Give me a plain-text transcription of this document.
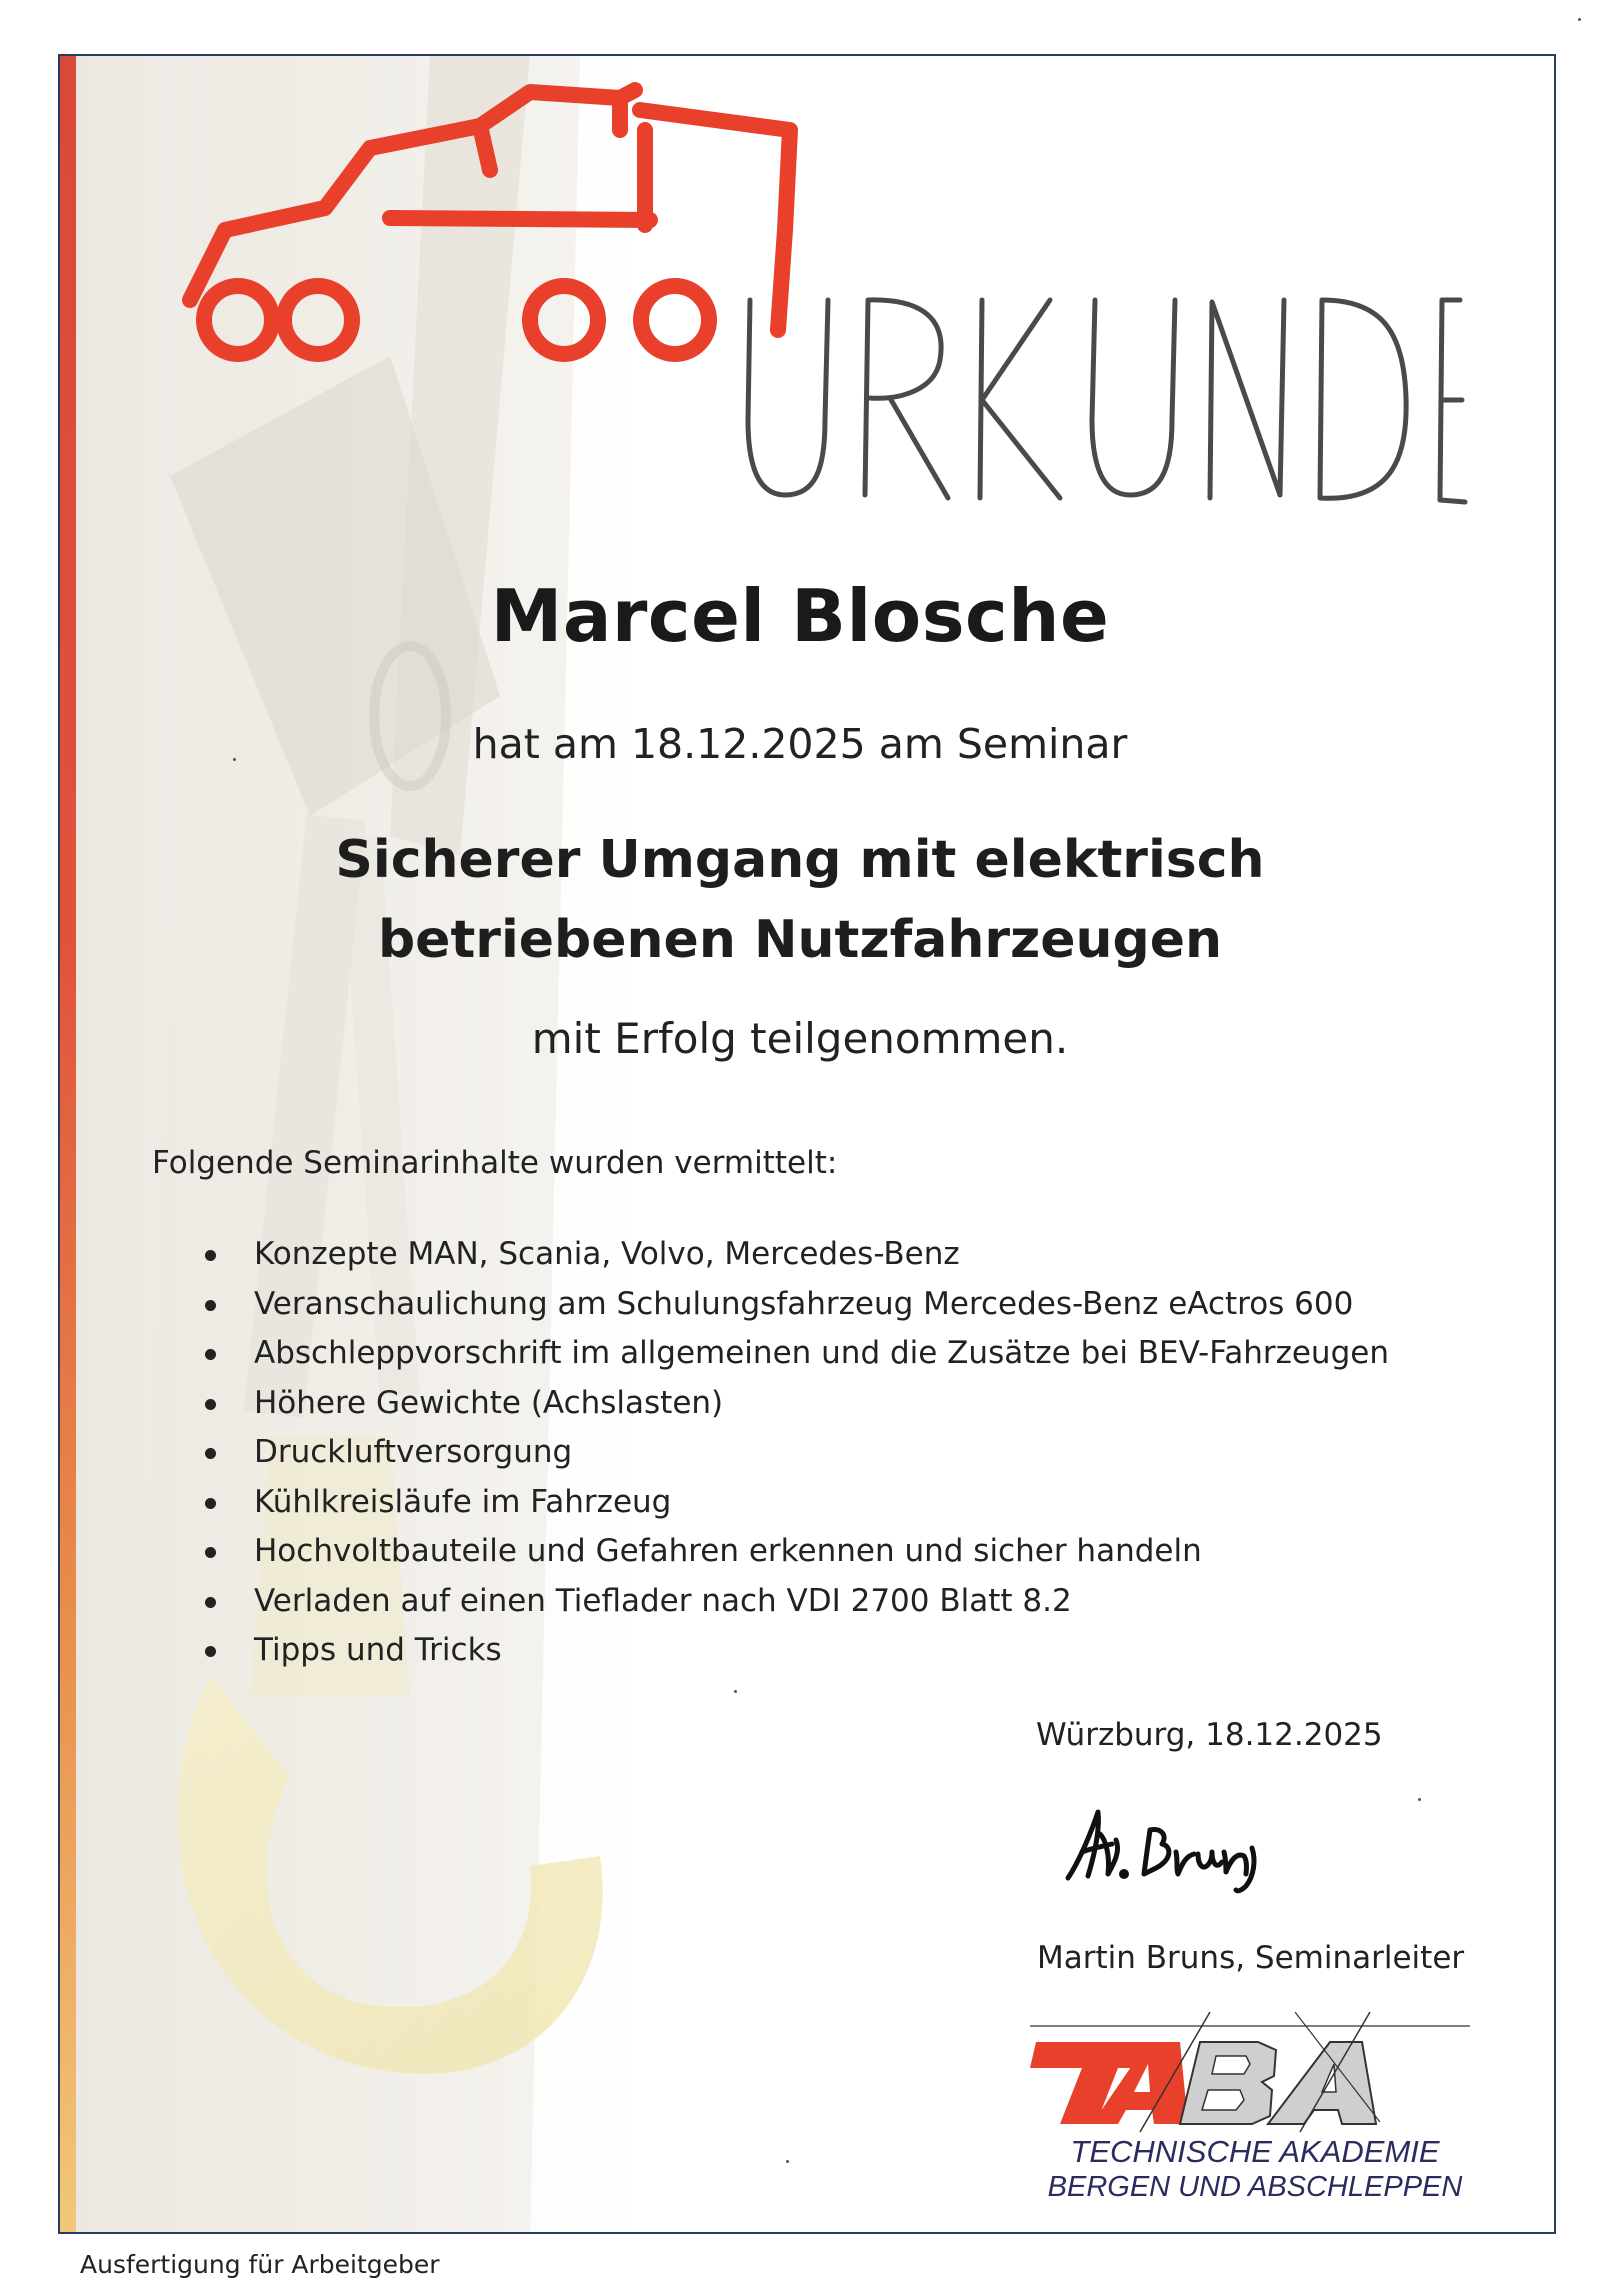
Marcel Blosche
hat am 18.12.2025 am Seminar
Sicherer Umgang mit elektrisch
betriebenen Nutzfahrzeugen
mit Erfolg teilgenommen.
Folgende Seminarinhalte wurden vermittelt:
Konzepte MAN, Scania, Volvo, Mercedes-Benz
Veranschaulichung am Schulungsfahrzeug Mercedes-Benz eActros 600
Abschleppvorschrift im allgemeinen und die Zusätze bei BEV-Fahrzeugen
Höhere Gewichte (Achslasten)
Druckluftversorgung
Kühlkreisläufe im Fahrzeug
Hochvoltbauteile und Gefahren erkennen und sicher handeln
Verladen auf einen Tieflader nach VDI 2700 Blatt 8.2
Tipps und Tricks
Würzburg, 18.12.2025
Martin Bruns, Seminarleiter
TECHNISCHE AKADEMIE
BERGEN UND ABSCHLEPPEN
Ausfertigung für Arbeitgeber
